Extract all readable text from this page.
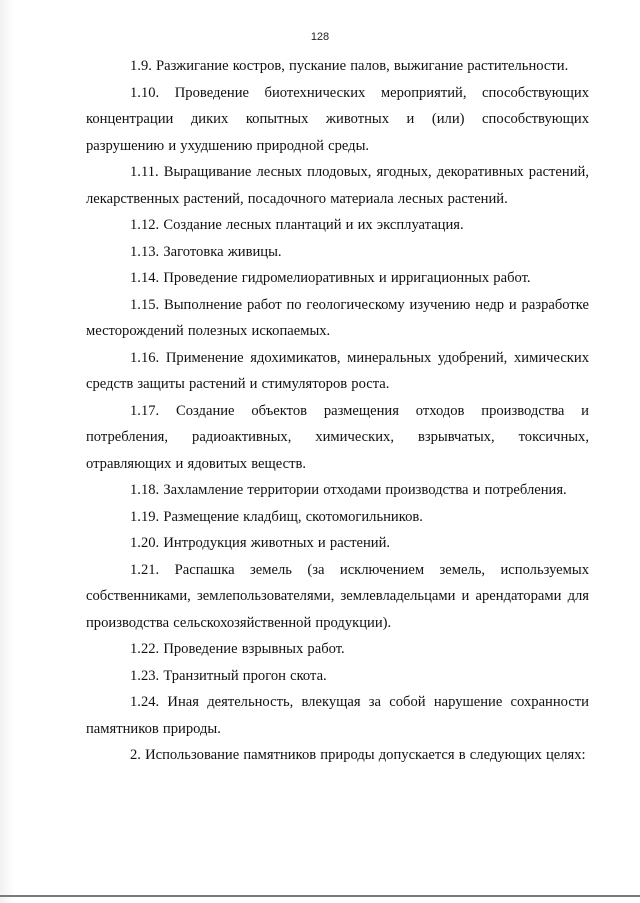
128

1.9. Разжигание костров, пускание палов, выжигание растительности.

1.10. Проведение биотехнических мероприятий, способствующих концентрации диких копытных животных и (или) способствующих разрушению и ухудшению природной среды.

1.11. Выращивание лесных плодовых, ягодных, декоративных растений, лекарственных растений, посадочного материала лесных растений.

1.12. Создание лесных плантаций и их эксплуатация.

1.13. Заготовка живицы.

1.14. Проведение гидромелиоративных и ирригационных работ.

1.15. Выполнение работ по геологическому изучению недр и разработке месторождений полезных ископаемых.

1.16. Применение ядохимикатов, минеральных удобрений, химических средств защиты растений и стимуляторов роста.

1.17. Создание объектов размещения отходов производства и потребления, радиоактивных, химических, взрывчатых, токсичных, отравляющих и ядовитых веществ.

1.18. Захламление территории отходами производства и потребления.

1.19. Размещение кладбищ, скотомогильников.

1.20. Интродукция животных и растений.

1.21. Распашка земель (за исключением земель, используемых собственниками, землепользователями, землевладельцами и арендаторами для производства сельскохозяйственной продукции).

1.22. Проведение взрывных работ.

1.23. Транзитный прогон скота.

1.24. Иная деятельность, влекущая за собой нарушение сохранности памятников природы.

2. Использование памятников природы допускается в следующих целях:
